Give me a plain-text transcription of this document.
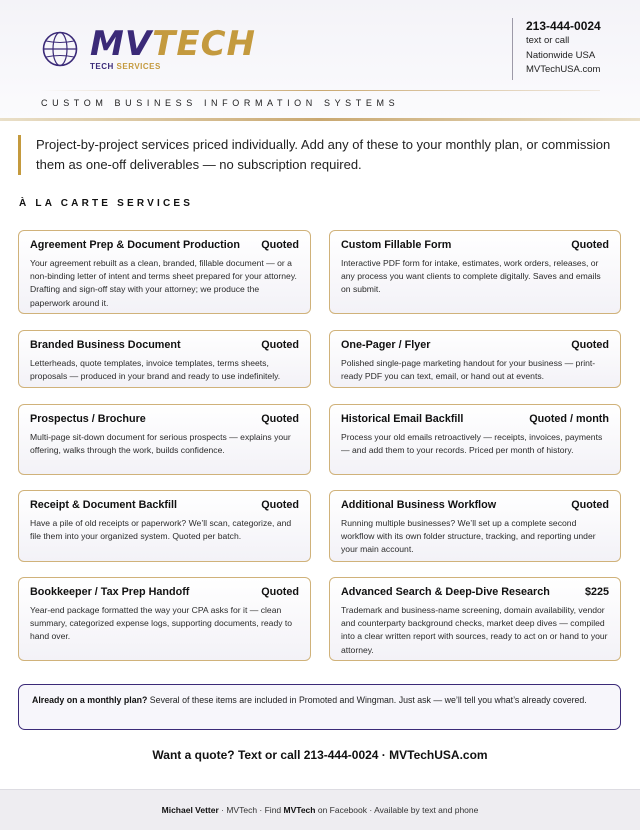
MVTECH
TECH SERVICES
213-444-0024
text or call
Nationwide USA
MVTechUSA.com
CUSTOM BUSINESS INFORMATION SYSTEMS
Project-by-project services priced individually. Add any of these to your monthly plan, or commission them as one-off deliverables — no subscription required.
À LA CARTE SERVICES
Agreement Prep & Document Production Quoted
Your agreement rebuilt as a clean, branded, fillable document — or a non-binding letter of intent and terms sheet prepared for your attorney. Drafting and sign-off stay with your attorney; we produce the paperwork around it.
Custom Fillable Form	Quoted
Interactive PDF form for intake, estimates, work orders, releases, or any process you want clients to complete digitally. Saves and emails on submit.
Branded Business Document	Quoted
Letterheads, quote templates, invoice templates, terms sheets, proposals — produced in your brand and ready to use indefinitely.
One-Pager / Flyer	Quoted
Polished single-page marketing handout for your business — print-ready PDF you can text, email, or hand out at events.
Prospectus / Brochure	Quoted
Multi-page sit-down document for serious prospects — explains your offering, walks through the work, builds confidence.
Historical Email Backfill	Quoted / month
Process your old emails retroactively — receipts, invoices, payments — and add them to your records. Priced per month of history.
Receipt & Document Backfill	Quoted
Have a pile of old receipts or paperwork? We’ll scan, categorize, and file them into your organized system. Quoted per batch.
Additional Business Workflow	Quoted
Running multiple businesses? We’ll set up a complete second workflow with its own folder structure, tracking, and reporting under your main account.
Bookkeeper / Tax Prep Handoff	Quoted
Year-end package formatted the way your CPA asks for it — clean summary, categorized expense logs, supporting documents, ready to hand over.
Advanced Search & Deep-Dive Research	$225
Trademark and business-name screening, domain availability, vendor and counterparty background checks, market deep dives — compiled into a clear written report with sources, ready to act on or hand to your attorney.
Already on a monthly plan? Several of these items are included in Promoted and Wingman. Just ask — we’ll tell you what’s already covered.
Want a quote? Text or call 213-444-0024 · MVTechUSA.com
Michael Vetter · MVTech · Find MVTech on Facebook · Available by text and phone
